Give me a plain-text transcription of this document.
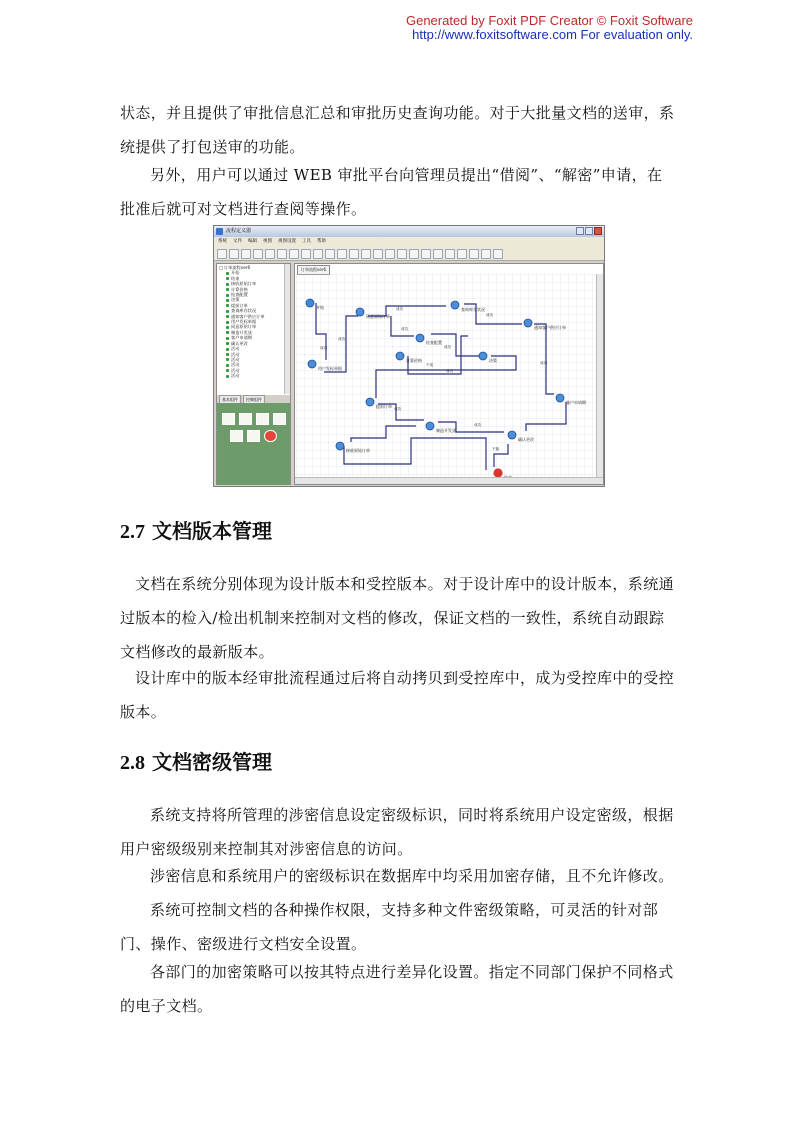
Generated by Foxit PDF Creator © Foxit Software
http://www.foxitsoftware.com For evaluation only.

状态，并且提供了审批信息汇总和审批历史查询功能。对于大批量文档的送审，系统提供了打包送审的功能。

另外，用户可以通过 WEB 审批平台向管理员提出“借阅”、“解密”申请，在批准后就可对文档进行查阅等操作。

流程定义器
系统 文件 编辑 视图 视图设置 工具 帮助
□ 订单流程ver6
开始
结束
接收原始订单
计算价格
检查配置
决策
提前订单
查询库存状况
通知客户供应订单
用户发标单据
同意原始订单
制造开发货
客户申请期
确认更改
活动
活动
活动
活动
活动
活动
基本组件	控制组件
订单流程ver6
成功
成功
成功
成功
成功
成功
成功
成功
不成
成功
成功
不能
开始
同意原始订单
查询库存状况
检查配置
通知客户供应订单
用户发标单据
计算价格	决策
提前订单
客户申请期
制造开发货
确认更改
接收原始订单
2.7 文档版本管理

文档在系统分别体现为设计版本和受控版本。对于设计库中的设计版本，系统通过版本的检入/检出机制来控制对文档的修改，保证文档的一致性，系统自动跟踪文档修改的最新版本。

设计库中的版本经审批流程通过后将自动拷贝到受控库中，成为受控库中的受控版本。

2.8 文档密级管理

系统支持将所管理的涉密信息设定密级标识，同时将系统用户设定密级，根据用户密级级别来控制其对涉密信息的访问。

涉密信息和系统用户的密级标识在数据库中均采用加密存储，且不允许修改。

系统可控制文档的各种操作权限，支持多种文件密级策略，可灵活的针对部门、操作、密级进行文档安全设置。

各部门的加密策略可以按其特点进行差异化设置。指定不同部门保护不同格式的电子文档。
